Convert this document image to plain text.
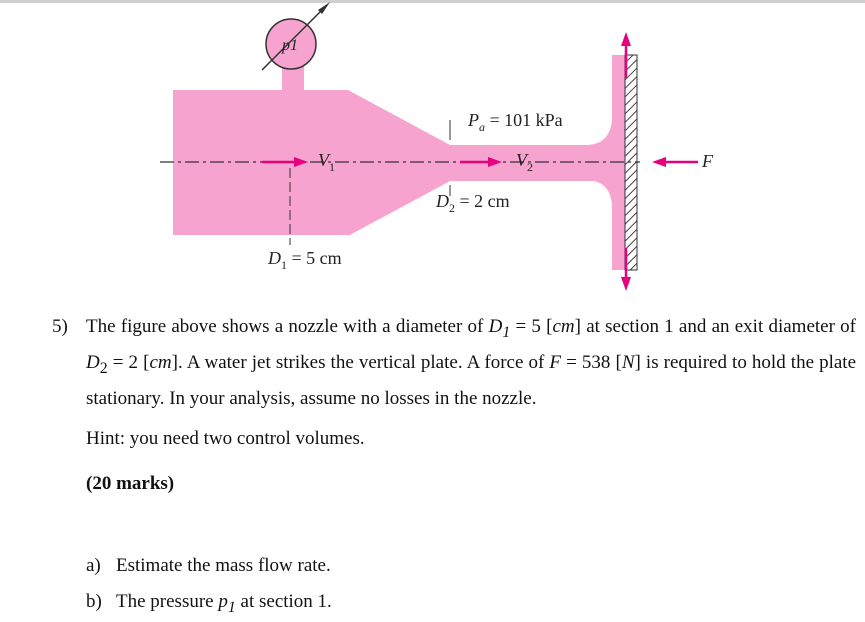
p1
$V_1$	$V_2$
$P_a = 101$ kPa
$D_2 = 2$ cm
$D_1 = 5$ cm
F
5) The figure above shows a nozzle with a diameter of $D_1 = 5$ [cm] at section 1 and an exit diameter of $D_2 = 2$ [cm]. A water jet strikes the vertical plate. A force of F = 538 [N] is required to hold the plate stationary. In your analysis, assume no losses in the nozzle.
Hint: you need two control volumes.
(20 marks)
a) Estimate the mass flow rate.
b) The pressure $p_1$ at section 1.
